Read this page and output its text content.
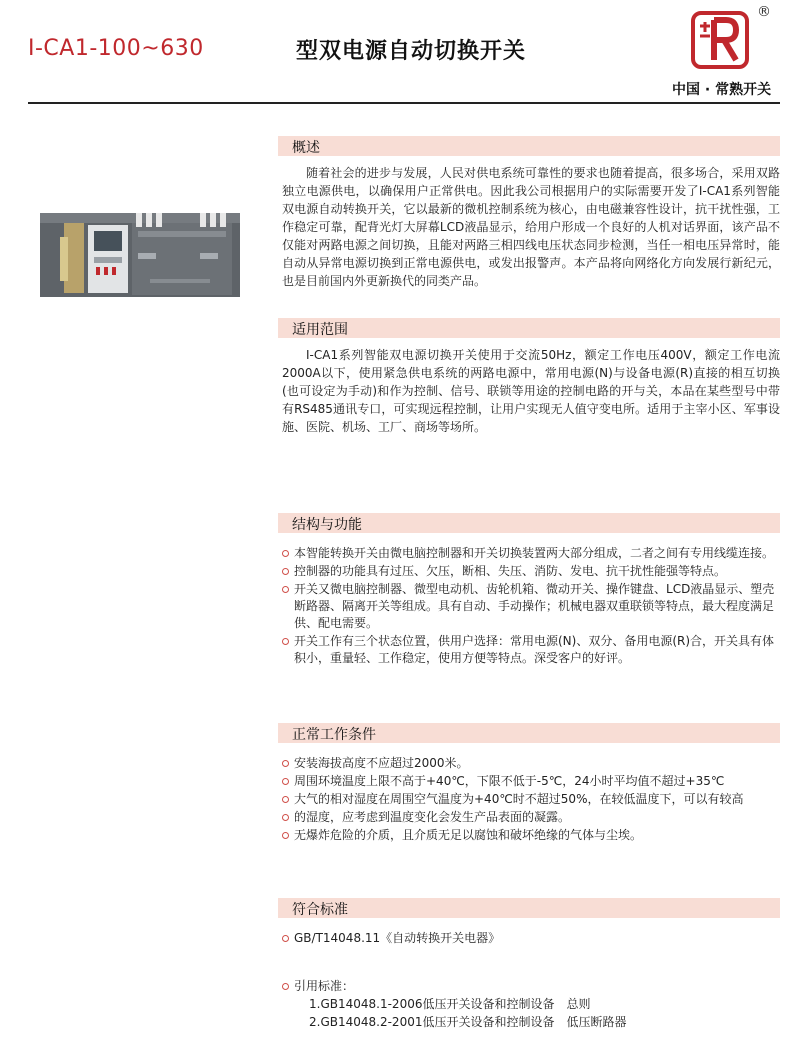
I-CA1-100~630	型双电源自动切换开关
®
中国 · 常熟开关
概述

随着社会的进步与发展，人民对供电系统可靠性的要求也随着提高，很多场合，采用双路独立电源供电，以确保用户正常供电。因此我公司根据用户的实际需要开发了I-CA1系列智能双电源自动转换开关，它以最新的微机控制系统为核心，由电磁兼容性设计，抗干扰性强，工作稳定可靠，配背光灯大屏幕LCD液晶显示，给用户形成一个良好的人机对话界面，该产品不仅能对两路电源之间切换，且能对两路三相四线电压状态同步检测，当任一相电压异常时，能自动从异常电源切换到正常电源供电，或发出报警声。本产品将向网络化方向发展行新纪元，也是目前国内外更新换代的同类产品。

适用范围

I-CA1系列智能双电源切换开关使用于交流50Hz，额定工作电压400V，额定工作电流2000A以下，使用紧急供电系统的两路电源中，常用电源(N)与设备电源(R)直接的相互切换(也可设定为手动)和作为控制、信号、联锁等用途的控制电路的开与关，本品在某些型号中带有RS485通讯专口，可实现远程控制，让用户实现无人值守变电所。适用于主宰小区、军事设施、医院、机场、工厂、商场等场所。

结构与功能
本智能转换开关由微电脑控制器和开关切换装置两大部分组成，二者之间有专用线缆连接。
控制器的功能具有过压、欠压，断相、失压、消防、发电、抗干扰性能强等特点。
开关又微电脑控制器、微型电动机、齿轮机箱、微动开关、操作键盘、LCD液晶显示、塑壳断路器、隔离开关等组成。具有自动、手动操作；机械电器双重联锁等特点，最大程度满足供、配电需要。
开关工作有三个状态位置，供用户选择：常用电源(N)、双分、备用电源(R)合，开关具有体积小，重量轻、工作稳定，使用方便等特点。深受客户的好评。
正常工作条件
安装海拔高度不应超过2000米。
周围环境温度上限不高于+40℃，下限不低于-5℃，24小时平均值不超过+35℃
大气的相对湿度在周围空气温度为+40℃时不超过50%，在较低温度下，可以有较高
的湿度，应考虑到温度变化会发生产品表面的凝露。
无爆炸危险的介质，且介质无足以腐蚀和破坏绝缘的气体与尘埃。
符合标准
GB/T14048.11《自动转换开关电器》
引用标准：
1.GB14048.1-2006低压开关设备和控制设备　总则
2.GB14048.2-2001低压开关设备和控制设备　低压断路器
